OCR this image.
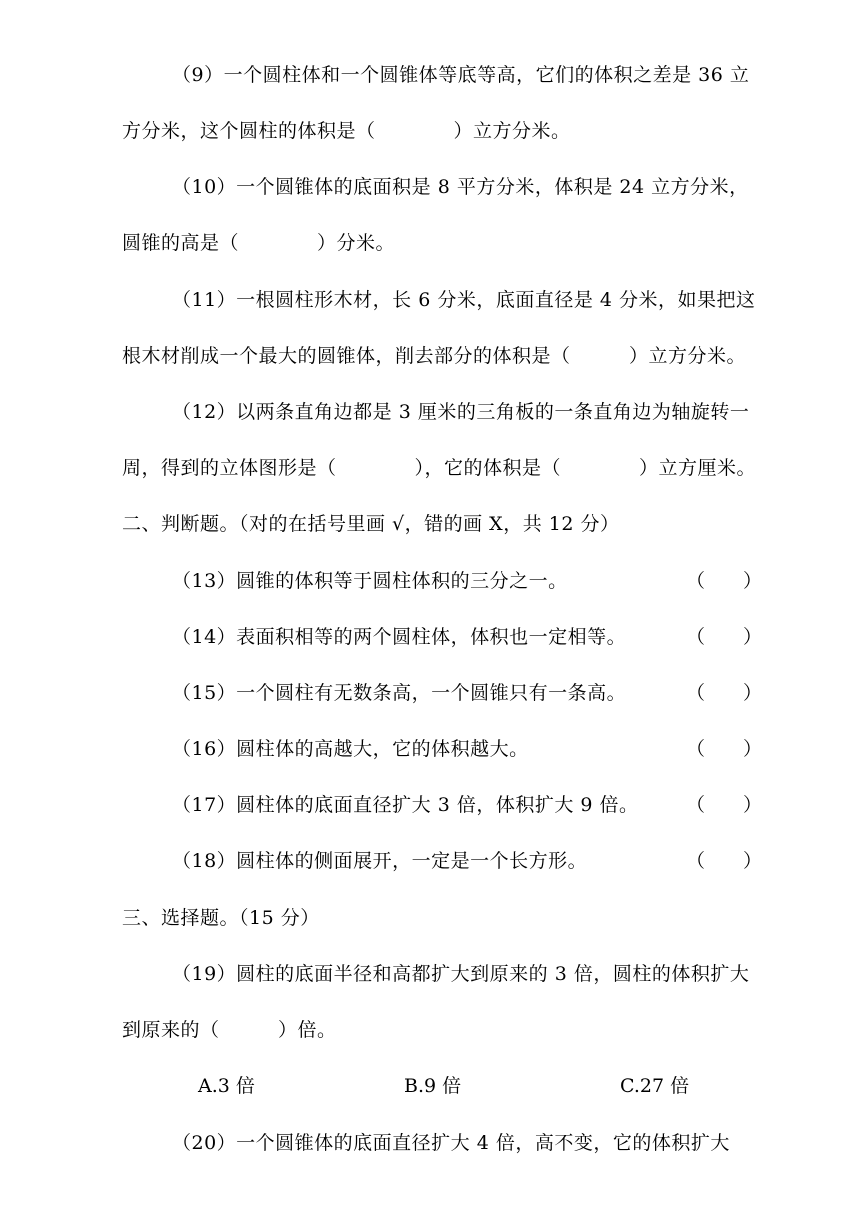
（9）一个圆柱体和一个圆锥体等底等高，它们的体积之差是 36 立
方分米，这个圆柱的体积是（　　　　）立方分米。
（10）一个圆锥体的底面积是 8 平方分米，体积是 24 立方分米，
圆锥的高是（　　　　）分米。
（11）一根圆柱形木材，长 6 分米，底面直径是 4 分米，如果把这
根木材削成一个最大的圆锥体，削去部分的体积是（　　　）立方分米。
（12）以两条直角边都是 3 厘米的三角板的一条直角边为轴旋转一
周，得到的立体图形是（　　　　），它的体积是（　　　　）立方厘米。
二、判断题。（对的在括号里画 √，错的画 X，共 12 分）
（13）圆锥的体积等于圆柱体积的三分之一。	（　　）
（14）表面积相等的两个圆柱体，体积也一定相等。	（　　）
（15）一个圆柱有无数条高，一个圆锥只有一条高。	（　　）
（16）圆柱体的高越大，它的体积越大。	（　　）
（17）圆柱体的底面直径扩大 3 倍，体积扩大 9 倍。 （　　）
（18）圆柱体的侧面展开，一定是一个长方形。	（　　）
三、选择题。（15 分）
（19）圆柱的底面半径和高都扩大到原来的 3 倍，圆柱的体积扩大
到原来的（　　　）倍。
A.3 倍	B.9 倍	C.27 倍
（20）一个圆锥体的底面直径扩大 4 倍，高不变，它的体积扩大
